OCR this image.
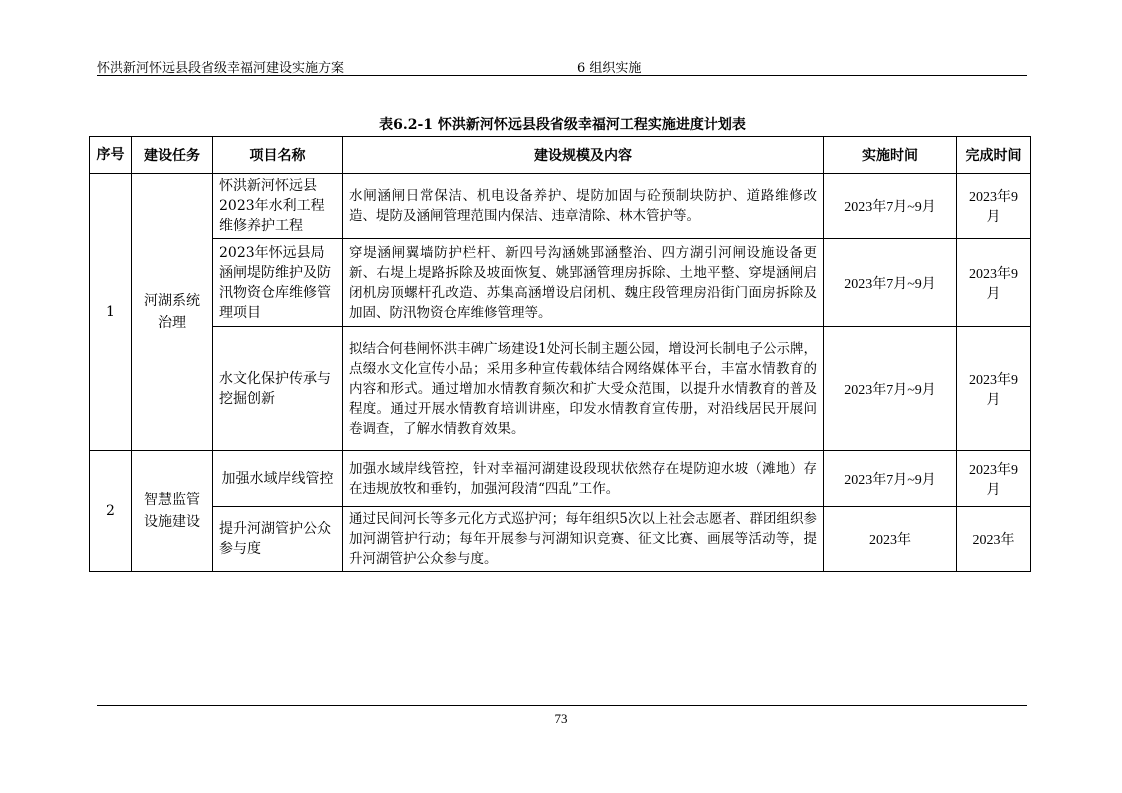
怀洪新河怀远县段省级幸福河建设实施方案	6 组织实施
表6.2-1 怀洪新河怀远县段省级幸福河工程实施进度计划表
序号	建设任务	项目名称	建设规模及内容	实施时间	完成时间
1	河湖系统治理	怀洪新河怀远县2023年水利工程维修养护工程	水闸涵闸日常保洁、机电设备养护、堤防加固与砼预制块防护、道路维修改造、堤防及涵闸管理范围内保洁、违章清除、林木管护等。	2023年7月~9月	2023年9月
		2023年怀远县局涵闸堤防维护及防汛物资仓库维修管理项目	穿堤涵闸翼墙防护栏杆、新四号沟涵姚郢涵整治、四方湖引河闸设施设备更新、右堤上堤路拆除及坡面恢复、姚郢涵管理房拆除、土地平整、穿堤涵闸启闭机房顶螺杆孔改造、苏集高涵增设启闭机、魏庄段管理房沿街门面房拆除及加固、防汛物资仓库维修管理等。	2023年7月~9月	2023年9月
		水文化保护传承与挖掘创新	拟结合何巷闸怀洪丰碑广场建设1处河长制主题公园，增设河长制电子公示牌，点缀水文化宣传小品；采用多种宣传载体结合网络媒体平台，丰富水情教育的内容和形式。通过增加水情教育频次和扩大受众范围，以提升水情教育的普及程度。通过开展水情教育培训讲座，印发水情教育宣传册，对沿线居民开展问卷调查，了解水情教育效果。	2023年7月~9月	2023年9月
2	智慧监管设施建设	加强水域岸线管控	加强水域岸线管控，针对幸福河湖建设段现状依然存在堤防迎水坡（滩地）存在违规放牧和垂钓，加强河段清“四乱”工作。	2023年7月~9月	2023年9月
		提升河湖管护公众参与度	通过民间河长等多元化方式巡护河；每年组织5次以上社会志愿者、群团组织参加河湖管护行动；每年开展参与河湖知识竞赛、征文比赛、画展等活动等，提升河湖管护公众参与度。	2023年	2023年
73
